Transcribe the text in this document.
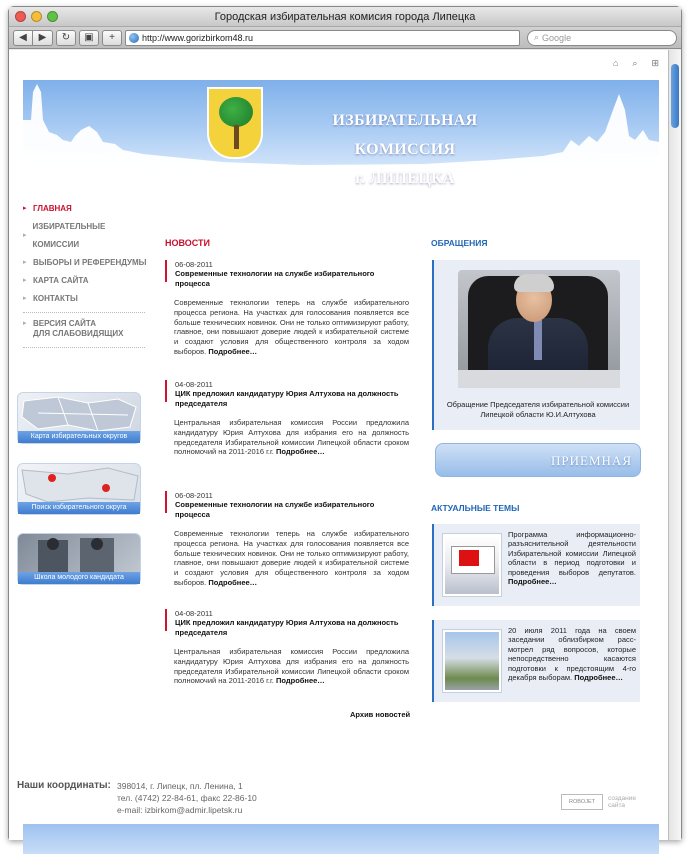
Городская избирательная комисия города Липецка
◀ ▶ ↻ ▣ +	http://www.gorizbirkom48.ru	⌕ Google
⌂ ⌕ ⊞
ИЗБИРАТЕЛЬНАЯ КОМИССИЯ
г. ЛИПЕЦКА
▸ ГЛАВНАЯ
▸
ИЗБИРАТЕЛЬНЫЕ КОМИССИИ
▸ ВЫБОРЫ И РЕФЕРЕНДУМЫ
▸ КАРТА САЙТА
▸ КОНТАКТЫ
▸ ВЕРСИЯ САЙТА
ДЛЯ СЛАБОВИДЯЩИХ
Карта избирательных округов
Поиск избирательного округа
Школа молодого кандидата
НОВОСТИ
06-08-2011
Современные технологии на службе избирательного процесса
Современные технологии теперь на службе избирательного процесса региона. На участках для голосования появляется все больше технических новинок. Они не только оптимизируют работу, главное, они повышают доверие людей к избирательной системе и создают условия для общественного контроля за ходом выборов. Подробнее…
04-08-2011
ЦИК предложил кандидатуру Юрия Алтухова на должность председателя
Центральная избирательная комиссия России предложила кандидатуру Юрия Алтухова для избрания его на должность председателя Избирательной комиссии Липецкой области сроком полномочий на 2011-2016 г.г. Подробнее…
06-08-2011
Современные технологии на службе избирательного процесса
Современные технологии теперь на службе избирательного процесса региона. На участках для голосования появляется все больше технических новинок. Они не только оптимизируют работу, главное, они повышают доверие людей к избирательной системе и создают условия для общественного контроля за ходом выборов. Подробнее…
04-08-2011
ЦИК предложил кандидатуру Юрия Алтухова на должность председателя
Центральная избирательная комиссия России предложила кандидатуру Юрия Алтухова для избрания его на должность председателя Избирательной комиссии Липецкой области сроком полномочий на 2011-2016 г.г. Подробнее…
Архив новостей
ОБРАЩЕНИЯ
Обращение Председателя избирательной комиссии Липецкой области Ю.И.Алтухова
ПРИЕМНАЯ
АКТУАЛЬНЫЕ ТЕМЫ
Программа информационно-разъяснительной деятельности Избирательной комиссии Липецкой области в период подготовки и проведения выборов депутатов. Подробнее…
20 июля 2011 года на своем заседании облизбирком расс-мотрел ряд вопросов, которые непосредственно касаются подготовки к предстоящим 4-го декабря выборам. Подробнее…
Наши координаты: 398014, г. Липецк, пл. Ленина, 1
тел. (4742) 22-84-61, факс 22-86-10
e-mail: izbirkom@admir.lipetsk.ru
ROBOJET
создание
сайта
